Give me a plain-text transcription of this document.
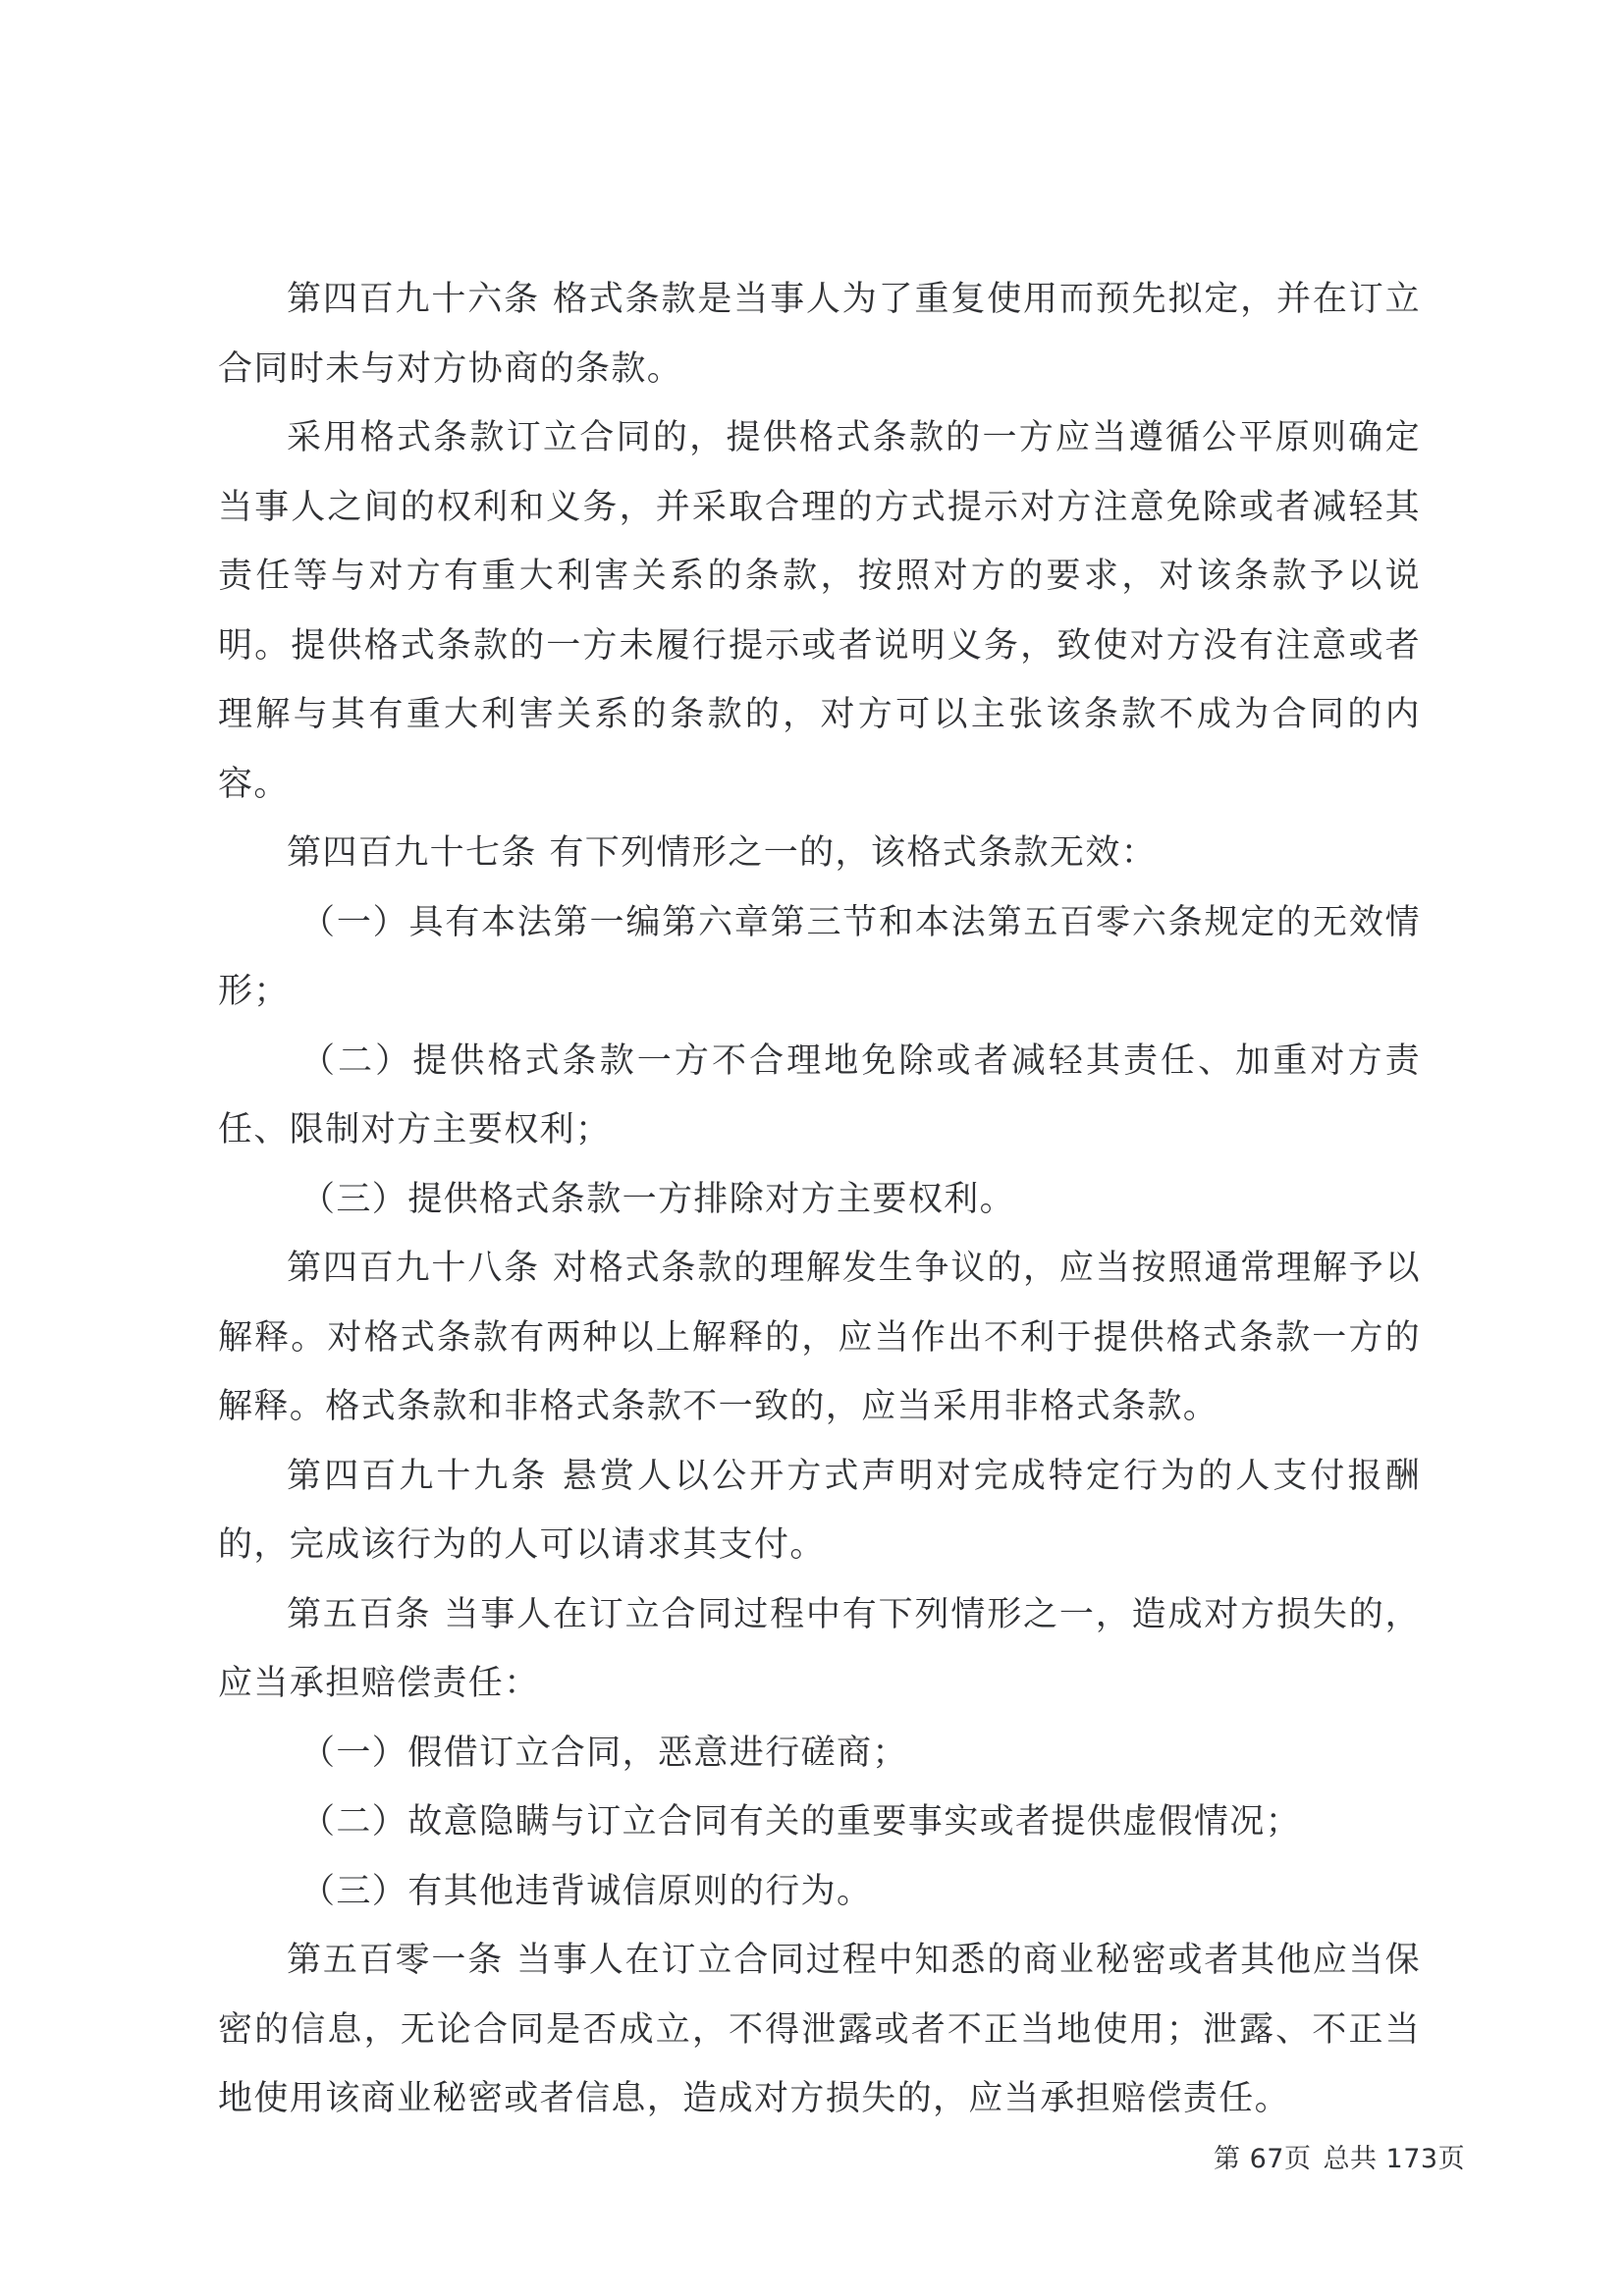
第四百九十六条 格式条款是当事人为了重复使用而预先拟定，并在订立合同时未与对方协商的条款。

采用格式条款订立合同的，提供格式条款的一方应当遵循公平原则确定当事人之间的权利和义务，并采取合理的方式提示对方注意免除或者减轻其责任等与对方有重大利害关系的条款，按照对方的要求，对该条款予以说明。提供格式条款的一方未履行提示或者说明义务，致使对方没有注意或者理解与其有重大利害关系的条款的，对方可以主张该条款不成为合同的内容。

第四百九十七条 有下列情形之一的，该格式条款无效：

（一）具有本法第一编第六章第三节和本法第五百零六条规定的无效情形；

（二）提供格式条款一方不合理地免除或者减轻其责任、加重对方责任、限制对方主要权利；

（三）提供格式条款一方排除对方主要权利。

第四百九十八条 对格式条款的理解发生争议的，应当按照通常理解予以解释。对格式条款有两种以上解释的，应当作出不利于提供格式条款一方的解释。格式条款和非格式条款不一致的，应当采用非格式条款。

第四百九十九条 悬赏人以公开方式声明对完成特定行为的人支付报酬的，完成该行为的人可以请求其支付。

第五百条 当事人在订立合同过程中有下列情形之一，造成对方损失的，应当承担赔偿责任：

（一）假借订立合同，恶意进行磋商；

（二）故意隐瞒与订立合同有关的重要事实或者提供虚假情况；

（三）有其他违背诚信原则的行为。

第五百零一条 当事人在订立合同过程中知悉的商业秘密或者其他应当保密的信息，无论合同是否成立，不得泄露或者不正当地使用；泄露、不正当地使用该商业秘密或者信息，造成对方损失的，应当承担赔偿责任。

第 67页 总共 173页
